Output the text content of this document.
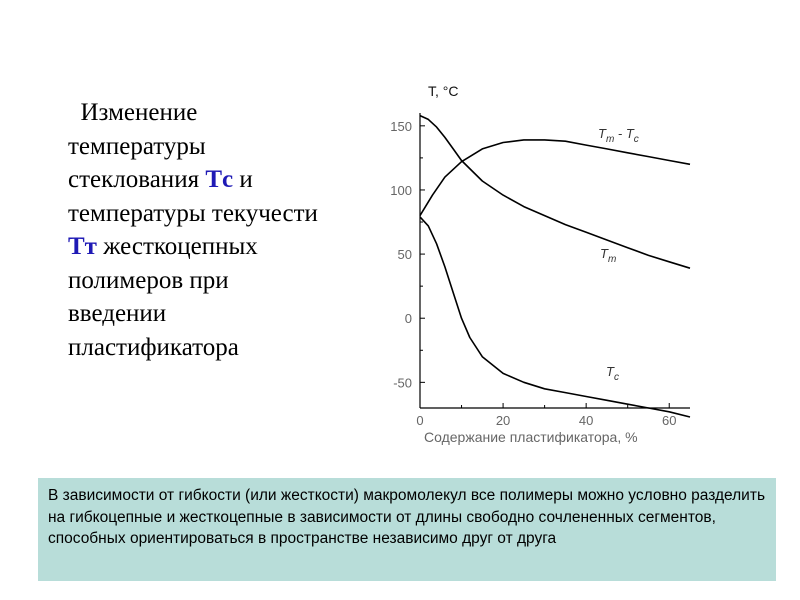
Изменение
температуры
стеклования Tс и
температуры текучести
Tт жесткоцепных
полимеров при
введении
пластификатора
T, °C
150
100
50
0
-50
0	20	40	60
$T_m - T_c$
$T_m$
$T_c$
Содержание пластификатора, %
В зависимости от гибкости (или жесткости) макромолекул все полимеры можно условно разделить на гибкоцепные и жесткоцепные в зависимости от длины свободно сочлененных сегментов, способных ориентироваться в пространстве независимо друг от друга
